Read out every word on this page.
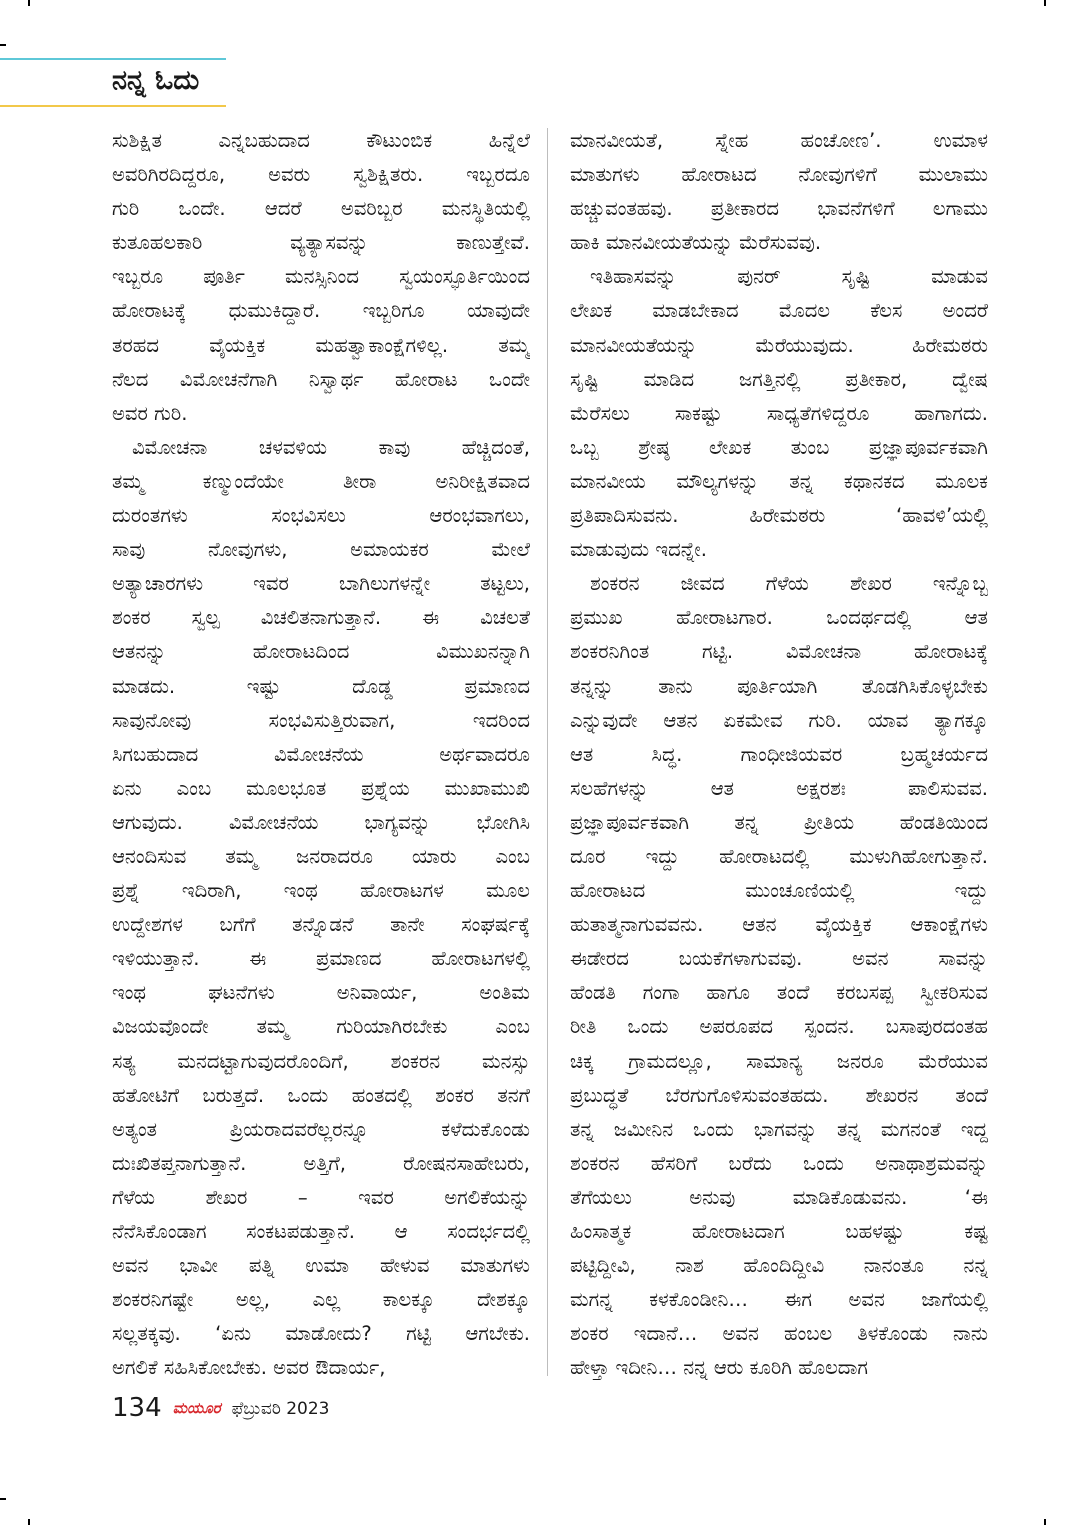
ನನ್ನ ಓದು

ಸುಶಿಕ್ಷಿತ ಎನ್ನಬಹುದಾದ ಕೌಟುಂಬಿಕ ಹಿನ್ನೆಲೆ
ಅವರಿಗಿರದಿದ್ದರೂ, ಅವರು ಸ್ವಶಿಕ್ಷಿತರು. ಇಬ್ಬರದೂ
ಗುರಿ ಒಂದೇ. ಆದರೆ ಅವರಿಬ್ಬರ ಮನಸ್ಥಿತಿಯಲ್ಲಿ
ಕುತೂಹಲಕಾರಿ ವ್ಯತ್ಯಾಸವನ್ನು ಕಾಣುತ್ತೇವೆ.
ಇಬ್ಬರೂ ಪೂರ್ತಿ ಮನಸ್ಸಿನಿಂದ ಸ್ವಯಂಸ್ಫೂರ್ತಿಯಿಂದ
ಹೋರಾಟಕ್ಕೆ ಧುಮುಕಿದ್ದಾರೆ. ಇಬ್ಬರಿಗೂ ಯಾವುದೇ
ತರಹದ ವೈಯಕ್ತಿಕ ಮಹತ್ವಾಕಾಂಕ್ಷೆಗಳಿಲ್ಲ. ತಮ್ಮ
ನೆಲದ ವಿಮೋಚನೆಗಾಗಿ ನಿಸ್ವಾರ್ಥ ಹೋರಾಟ ಒಂದೇ
ಅವರ ಗುರಿ.

ವಿಮೋಚನಾ ಚಳವಳಿಯ ಕಾವು ಹೆಚ್ಚಿದಂತೆ,
ತಮ್ಮ ಕಣ್ಮುಂದೆಯೇ ತೀರಾ ಅನಿರೀಕ್ಷಿತವಾದ
ದುರಂತಗಳು ಸಂಭವಿಸಲು ಆರಂಭವಾಗಲು,
ಸಾವು ನೋವುಗಳು, ಅಮಾಯಕರ ಮೇಲೆ
ಅತ್ಯಾಚಾರಗಳು ಇವರ ಬಾಗಿಲುಗಳನ್ನೇ ತಟ್ಟಲು,
ಶಂಕರ ಸ್ವಲ್ಪ ವಿಚಲಿತನಾಗುತ್ತಾನೆ. ಈ ವಿಚಲತೆ
ಆತನನ್ನು ಹೋರಾಟದಿಂದ ವಿಮುಖನನ್ನಾಗಿ
ಮಾಡದು. ಇಷ್ಟು ದೊಡ್ಡ ಪ್ರಮಾಣದ
ಸಾವುನೋವು ಸಂಭವಿಸುತ್ತಿರುವಾಗ, ಇದರಿಂದ
ಸಿಗಬಹುದಾದ ವಿಮೋಚನೆಯ ಅರ್ಥವಾದರೂ
ಏನು ಎಂಬ ಮೂಲಭೂತ ಪ್ರಶ್ನೆಯ ಮುಖಾಮುಖಿ
ಆಗುವುದು. ವಿಮೋಚನೆಯ ಭಾಗ್ಯವನ್ನು ಭೋಗಿಸಿ
ಆನಂದಿಸುವ ತಮ್ಮ ಜನರಾದರೂ ಯಾರು ಎಂಬ
ಪ್ರಶ್ನೆ ಇದಿರಾಗಿ, ಇಂಥ ಹೋರಾಟಗಳ ಮೂಲ
ಉದ್ದೇಶಗಳ ಬಗೆಗೆ ತನ್ನೊಡನೆ ತಾನೇ ಸಂಘರ್ಷಕ್ಕೆ
ಇಳಿಯುತ್ತಾನೆ. ಈ ಪ್ರಮಾಣದ ಹೋರಾಟಗಳಲ್ಲಿ
ಇಂಥ ಘಟನೆಗಳು ಅನಿವಾರ್ಯ, ಅಂತಿಮ
ವಿಜಯವೊಂದೇ ತಮ್ಮ ಗುರಿಯಾಗಿರಬೇಕು ಎಂಬ
ಸತ್ಯ ಮನದಟ್ಟಾಗುವುದರೊಂದಿಗೆ, ಶಂಕರನ ಮನಸ್ಸು
ಹತೋಟಿಗೆ ಬರುತ್ತದೆ. ಒಂದು ಹಂತದಲ್ಲಿ ಶಂಕರ ತನಗೆ
ಅತ್ಯಂತ ಪ್ರಿಯರಾದವರೆಲ್ಲರನ್ನೂ ಕಳೆದುಕೊಂಡು
ದುಃಖಿತಪ್ತನಾಗುತ್ತಾನೆ. ಅತ್ತಿಗೆ, ರೋಷನಸಾಹೇಬರು,
ಗೆಳೆಯ ಶೇಖರ – ಇವರ ಅಗಲಿಕೆಯನ್ನು
ನೆನೆಸಿಕೊಂಡಾಗ ಸಂಕಟಪಡುತ್ತಾನೆ. ಆ ಸಂದರ್ಭದಲ್ಲಿ
ಅವನ ಭಾವೀ ಪತ್ನಿ ಉಮಾ ಹೇಳುವ ಮಾತುಗಳು
ಶಂಕರನಿಗಷ್ಟೇ ಅಲ್ಲ, ಎಲ್ಲ ಕಾಲಕ್ಕೂ ದೇಶಕ್ಕೂ
ಸಲ್ಲತಕ್ಕವು. ‘ಏನು ಮಾಡೋದು? ಗಟ್ಟಿ ಆಗಬೇಕು.
ಅಗಲಿಕೆ ಸಹಿಸಿಕೋಬೇಕು. ಅವರ ಔದಾರ್ಯ,

ಮಾನವೀಯತೆ, ಸ್ನೇಹ ಹಂಚೋಣ’. ಉಮಾಳ
ಮಾತುಗಳು ಹೋರಾಟದ ನೋವುಗಳಿಗೆ ಮುಲಾಮು
ಹಚ್ಚುವಂತಹವು. ಪ್ರತೀಕಾರದ ಭಾವನೆಗಳಿಗೆ ಲಗಾಮು
ಹಾಕಿ ಮಾನವೀಯತೆಯನ್ನು ಮೆರೆಸುವವು.

ಇತಿಹಾಸವನ್ನು ಪುನರ್ ಸೃಷ್ಟಿ ಮಾಡುವ
ಲೇಖಕ ಮಾಡಬೇಕಾದ ಮೊದಲ ಕೆಲಸ ಅಂದರೆ
ಮಾನವೀಯತೆಯನ್ನು ಮೆರೆಯುವುದು. ಹಿರೇಮಠರು
ಸೃಷ್ಟಿ ಮಾಡಿದ ಜಗತ್ತಿನಲ್ಲಿ ಪ್ರತೀಕಾರ, ದ್ವೇಷ
ಮೆರೆಸಲು ಸಾಕಷ್ಟು ಸಾಧ್ಯತೆಗಳಿದ್ದರೂ ಹಾಗಾಗದು.
ಒಬ್ಬ ಶ್ರೇಷ್ಠ ಲೇಖಕ ತುಂಬ ಪ್ರಜ್ಞಾಪೂರ್ವಕವಾಗಿ
ಮಾನವೀಯ ಮೌಲ್ಯಗಳನ್ನು ತನ್ನ ಕಥಾನಕದ ಮೂಲಕ
ಪ್ರತಿಪಾದಿಸುವನು. ಹಿರೇಮಠರು ‘ಹಾವಳಿ’ಯಲ್ಲಿ
ಮಾಡುವುದು ಇದನ್ನೇ.

ಶಂಕರನ ಜೀವದ ಗೆಳೆಯ ಶೇಖರ ಇನ್ನೊಬ್ಬ
ಪ್ರಮುಖ ಹೋರಾಟಗಾರ. ಒಂದರ್ಥದಲ್ಲಿ ಆತ
ಶಂಕರನಿಗಿಂತ ಗಟ್ಟಿ. ವಿಮೋಚನಾ ಹೋರಾಟಕ್ಕೆ
ತನ್ನನ್ನು ತಾನು ಪೂರ್ತಿಯಾಗಿ ತೊಡಗಿಸಿಕೊಳ್ಳಬೇಕು
ಎನ್ನುವುದೇ ಆತನ ಏಕಮೇವ ಗುರಿ. ಯಾವ ತ್ಯಾಗಕ್ಕೂ
ಆತ ಸಿದ್ಧ. ಗಾಂಧೀಜಿಯವರ ಬ್ರಹ್ಮಚರ್ಯದ
ಸಲಹೆಗಳನ್ನು ಆತ ಅಕ್ಷರಶಃ ಪಾಲಿಸುವವ.
ಪ್ರಜ್ಞಾಪೂರ್ವಕವಾಗಿ ತನ್ನ ಪ್ರೀತಿಯ ಹೆಂಡತಿಯಿಂದ
ದೂರ ಇದ್ದು ಹೋರಾಟದಲ್ಲಿ ಮುಳುಗಿಹೋಗುತ್ತಾನೆ.
ಹೋರಾಟದ ಮುಂಚೂಣಿಯಲ್ಲಿ ಇದ್ದು
ಹುತಾತ್ಮನಾಗುವವನು. ಆತನ ವೈಯಕ್ತಿಕ ಆಕಾಂಕ್ಷೆಗಳು
ಈಡೇರದ ಬಯಕೆಗಳಾಗುವವು. ಅವನ ಸಾವನ್ನು
ಹೆಂಡತಿ ಗಂಗಾ ಹಾಗೂ ತಂದೆ ಕರಬಸಪ್ಪ ಸ್ವೀಕರಿಸುವ
ರೀತಿ ಒಂದು ಅಪರೂಪದ ಸ್ಪಂದನ. ಬಸಾಪುರದಂತಹ
ಚಿಕ್ಕ ಗ್ರಾಮದಲ್ಲೂ, ಸಾಮಾನ್ಯ ಜನರೂ ಮೆರೆಯುವ
ಪ್ರಬುದ್ಧತೆ ಬೆರಗುಗೊಳಿಸುವಂತಹದು. ಶೇಖರನ ತಂದೆ
ತನ್ನ ಜಮೀನಿನ ಒಂದು ಭಾಗವನ್ನು ತನ್ನ ಮಗನಂತೆ ಇದ್ದ
ಶಂಕರನ ಹೆಸರಿಗೆ ಬರೆದು ಒಂದು ಅನಾಥಾಶ್ರಮವನ್ನು
ತೆಗೆಯಲು ಅನುವು ಮಾಡಿಕೊಡುವನು. ‘ಈ
ಹಿಂಸಾತ್ಮಕ ಹೋರಾಟದಾಗ ಬಹಳಷ್ಟು ಕಷ್ಟ
ಪಟ್ಟಿದ್ದೀವಿ, ನಾಶ ಹೊಂದಿದ್ದೀವಿ ನಾನಂತೂ ನನ್ನ
ಮಗನ್ನ ಕಳಕೊಂಡೀನಿ… ಈಗ ಅವನ ಜಾಗೆಯಲ್ಲಿ
ಶಂಕರ ಇದಾನೆ… ಅವನ ಹಂಬಲ ತಿಳಕೊಂಡು ನಾನು
ಹೇಳ್ತಾ ಇದೀನಿ… ನನ್ನ ಆರು ಕೂರಿಗಿ ಹೊಲದಾಗ

134 ಮಯೂರ ಫೆಬ್ರುವರಿ 2023
